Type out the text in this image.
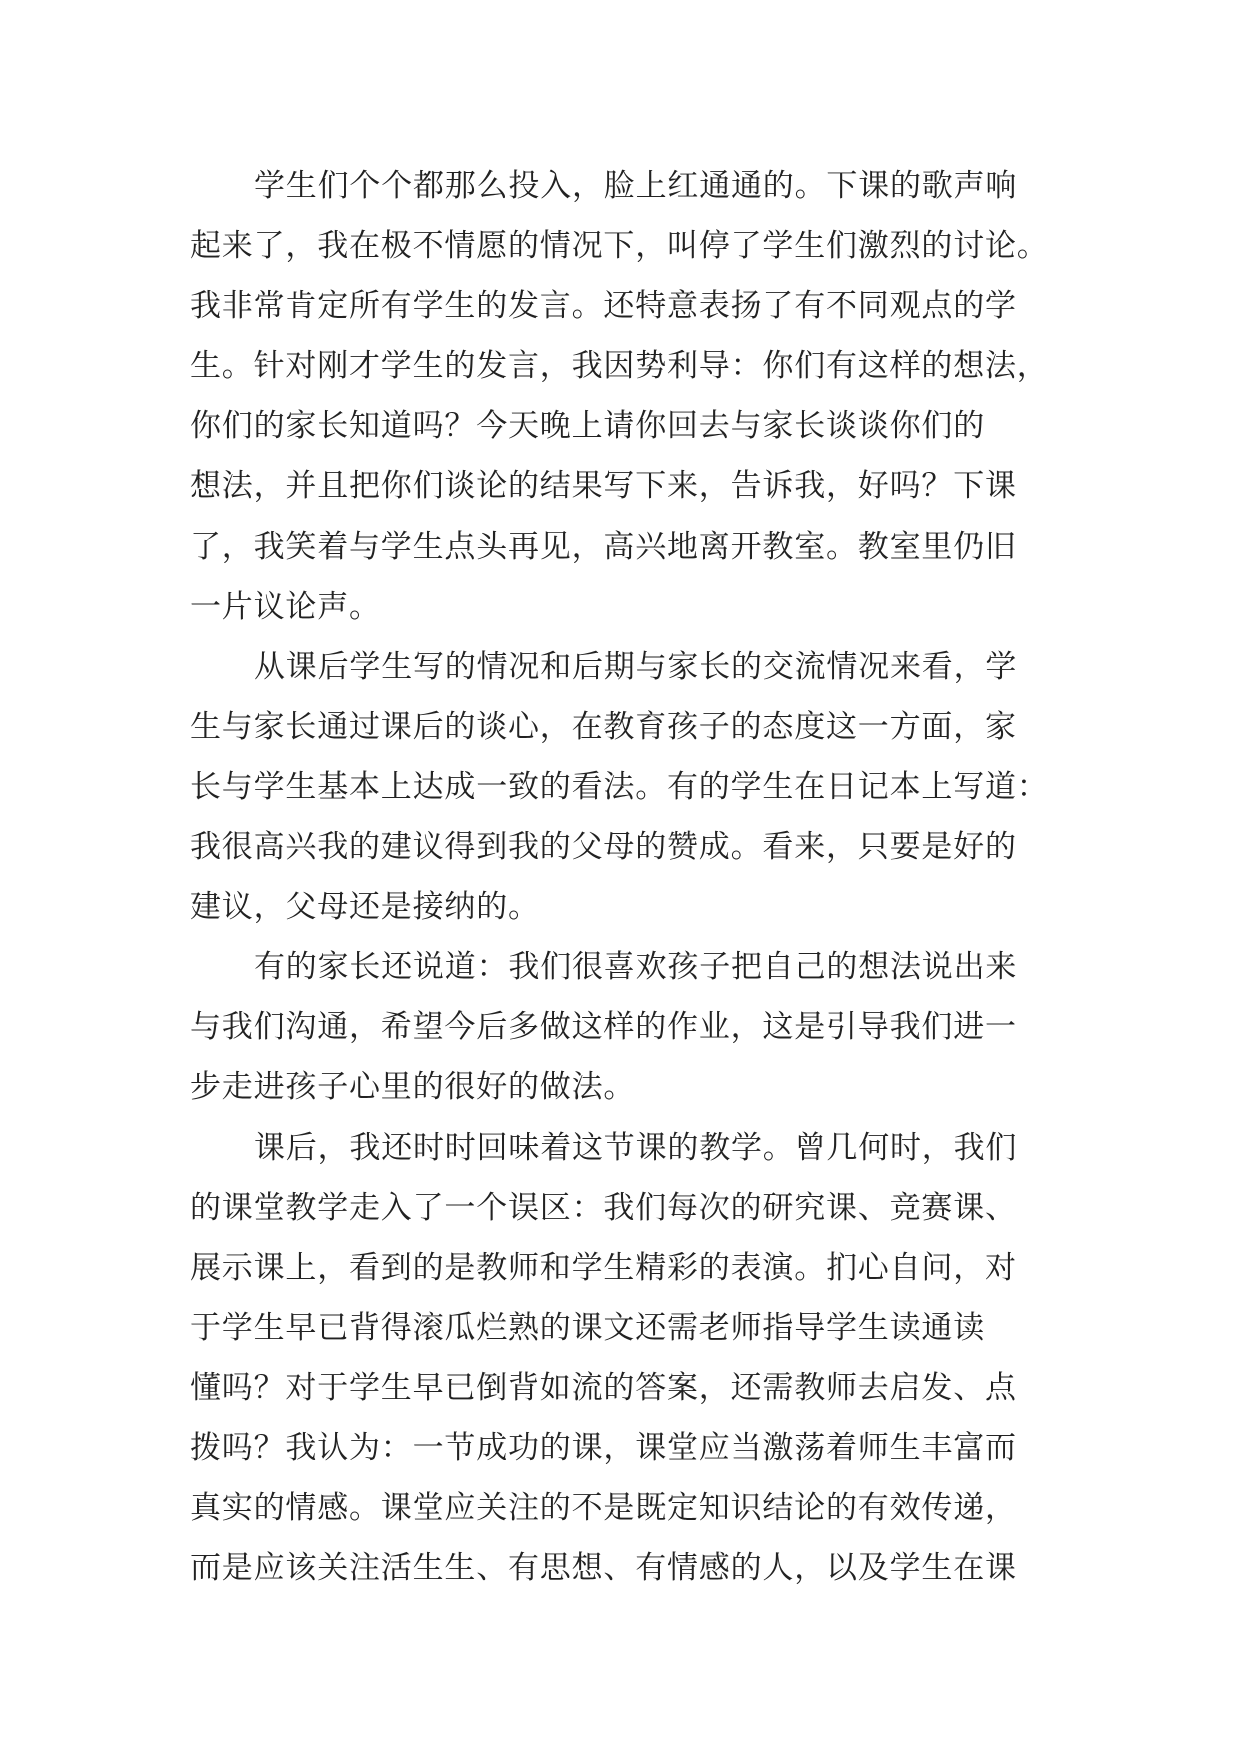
学生们个个都那么投入，脸上红通通的。下课的歌声响
起来了，我在极不情愿的情况下，叫停了学生们激烈的讨论。
我非常肯定所有学生的发言。还特意表扬了有不同观点的学
生。针对刚才学生的发言，我因势利导：你们有这样的想法，
你们的家长知道吗？今天晚上请你回去与家长谈谈你们的
想法，并且把你们谈论的结果写下来，告诉我，好吗？下课
了，我笑着与学生点头再见，高兴地离开教室。教室里仍旧
一片议论声。
从课后学生写的情况和后期与家长的交流情况来看，学
生与家长通过课后的谈心，在教育孩子的态度这一方面，家
长与学生基本上达成一致的看法。有的学生在日记本上写道：
我很高兴我的建议得到我的父母的赞成。看来，只要是好的
建议，父母还是接纳的。
有的家长还说道：我们很喜欢孩子把自己的想法说出来
与我们沟通，希望今后多做这样的作业，这是引导我们进一
步走进孩子心里的很好的做法。
课后，我还时时回味着这节课的教学。曾几何时，我们
的课堂教学走入了一个误区：我们每次的研究课、竞赛课、
展示课上，看到的是教师和学生精彩的表演。扪心自问，对
于学生早已背得滚瓜烂熟的课文还需老师指导学生读通读
懂吗？对于学生早已倒背如流的答案，还需教师去启发、点
拨吗？我认为：一节成功的课，课堂应当激荡着师生丰富而
真实的情感。课堂应关注的不是既定知识结论的有效传递，
而是应该关注活生生、有思想、有情感的人，以及学生在课
